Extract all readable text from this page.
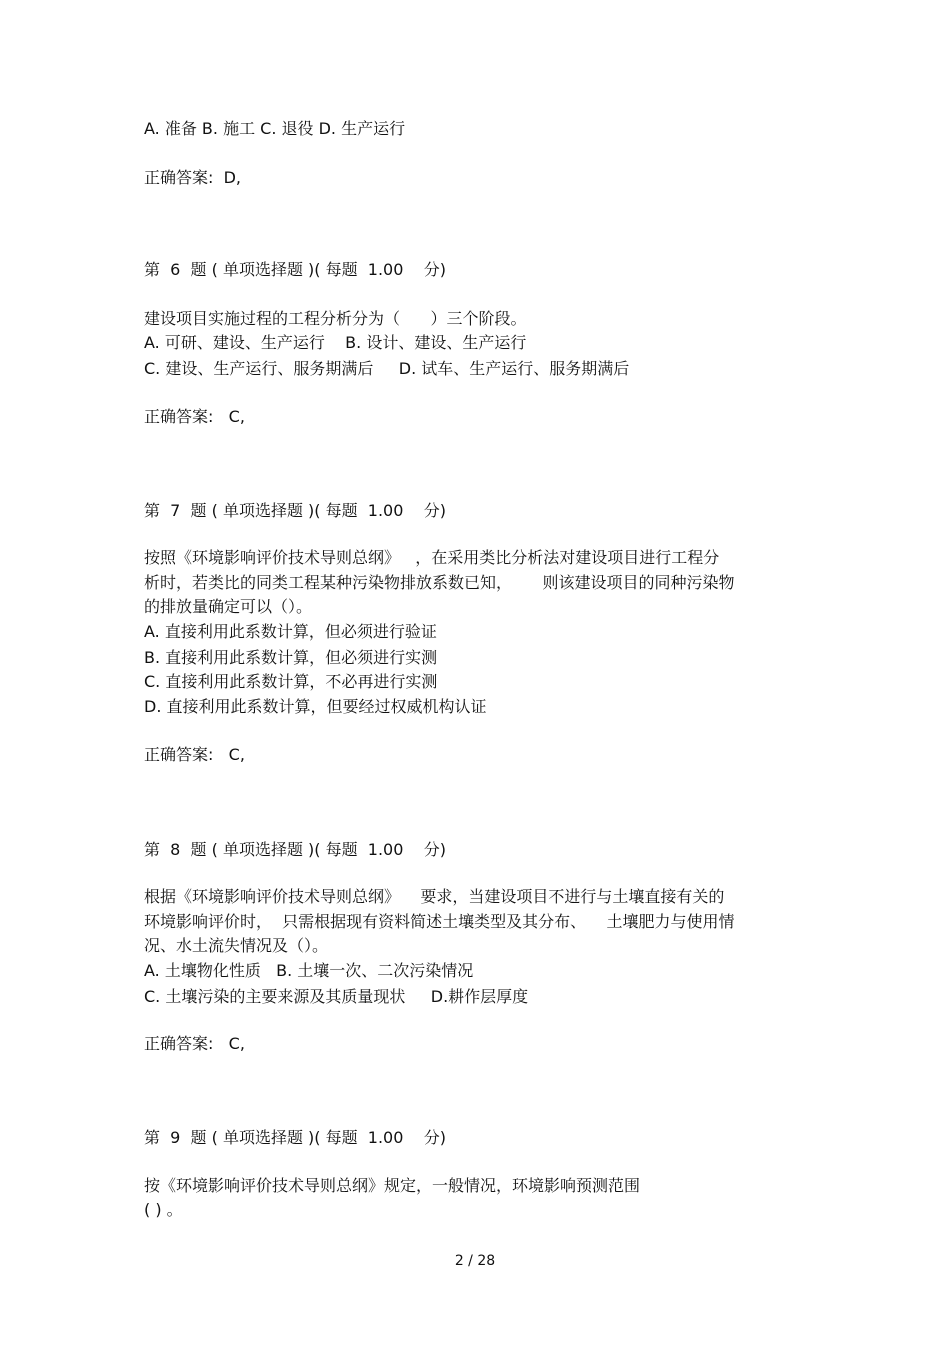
A. 准备 B. 施工 C. 退役 D. 生产运行

正确答案:  D,

第  6  题 ( 单项选择题 )( 每题  1.00    分)

建设项目实施过程的工程分析分为（      ）三个阶段。

A. 可研、建设、生产运行    B. 设计、建设、生产运行

C. 建设、生产运行、服务期满后     D. 试车、生产运行、服务期满后

正确答案:   C,

第  7  题 ( 单项选择题 )( 每题  1.00    分)

按照《环境影响评价技术导则总纲》   ，在采用类比分析法对建设项目进行工程分

析时，若类比的同类工程某种污染物排放系数已知，      则该建设项目的同种污染物

的排放量确定可以（）。

A. 直接利用此系数计算，但必须进行验证

B. 直接利用此系数计算，但必须进行实测

C. 直接利用此系数计算，不必再进行实测

D. 直接利用此系数计算，但要经过权威机构认证

正确答案:   C,

第  8  题 ( 单项选择题 )( 每题  1.00    分)

根据《环境影响评价技术导则总纲》    要求，当建设项目不进行与土壤直接有关的

环境影响评价时，  只需根据现有资料简述土壤类型及其分布、    土壤肥力与使用情

况、水土流失情况及（）。

A. 土壤物化性质   B. 土壤一次、二次污染情况

C. 土壤污染的主要来源及其质量现状     D.耕作层厚度

正确答案:   C,

第  9  题 ( 单项选择题 )( 每题  1.00    分)

按《环境影响评价技术导则总纲》规定，一般情况，环境影响预测范围

( ) 。

2 / 28
